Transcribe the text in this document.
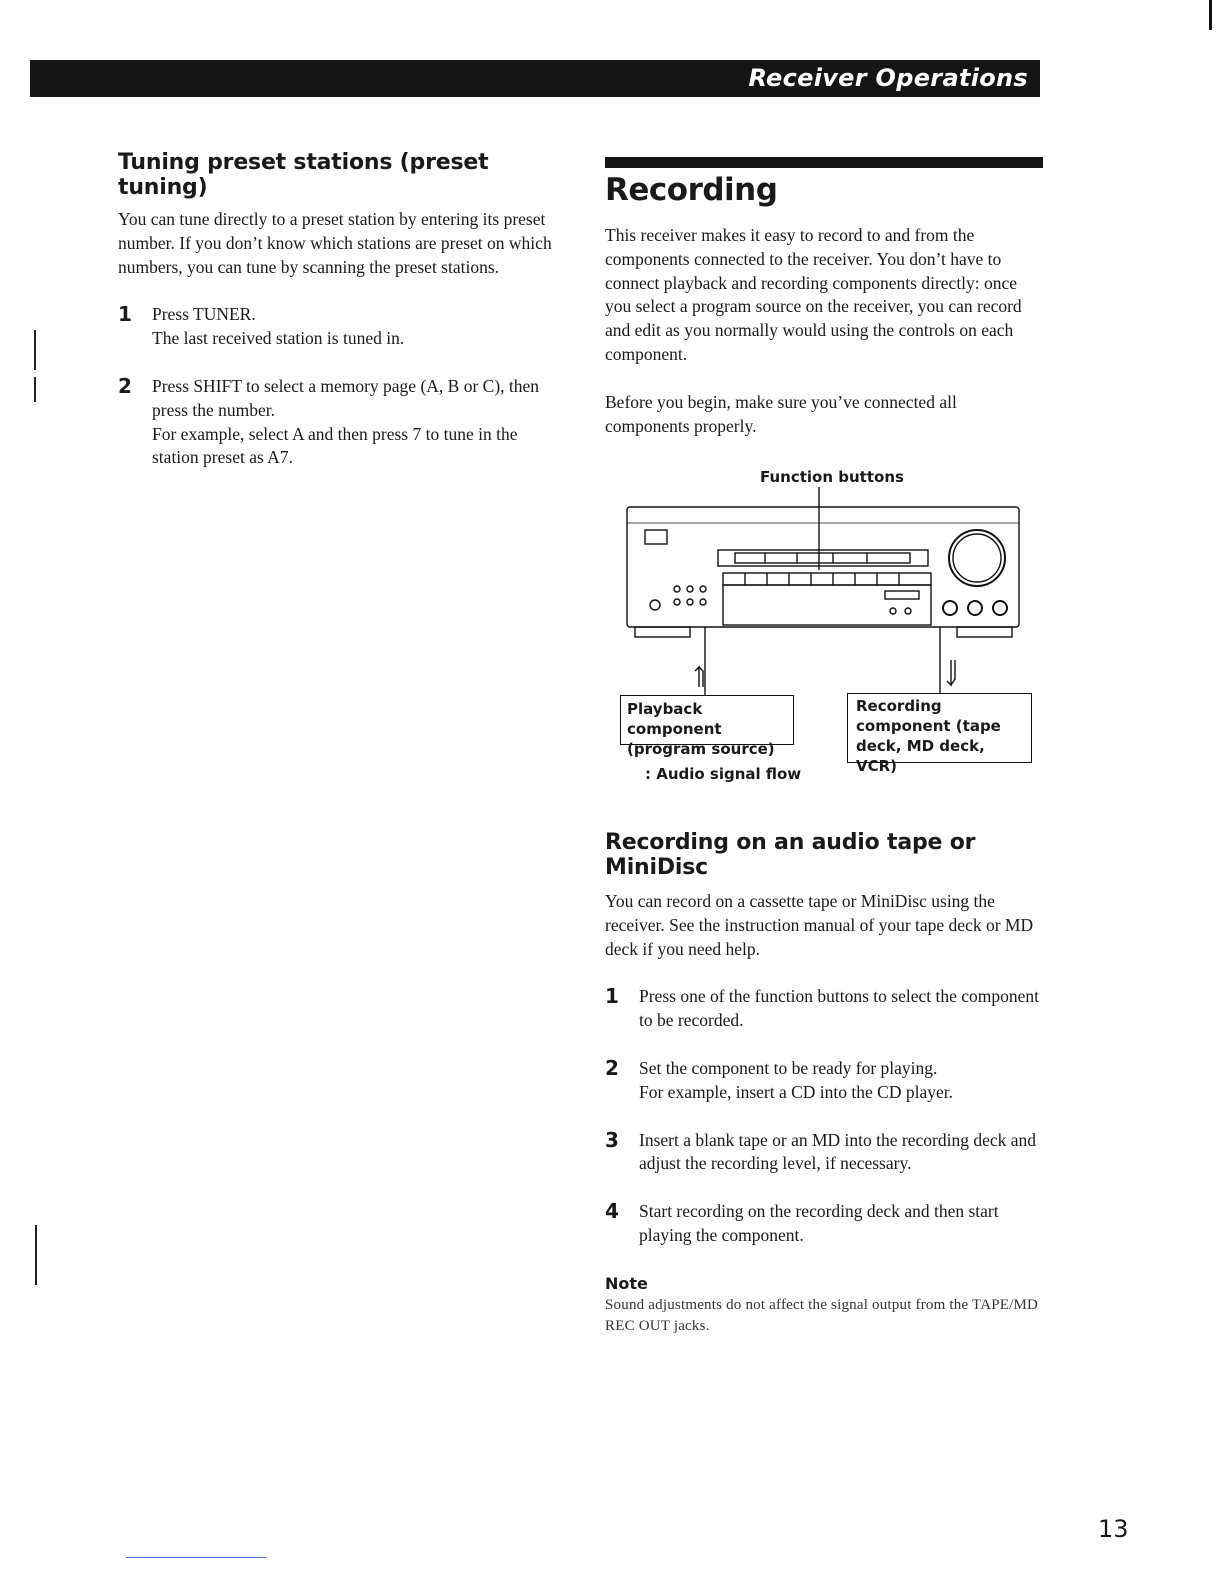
Receiver Operations
Tuning preset stations (preset tuning)

You can tune directly to a preset station by entering its preset number. If you don’t know which stations are preset on which numbers, you can tune by scanning the preset stations.

1 Press TUNER.

The last received station is tuned in.

2 Press SHIFT to select a memory page (A, B or C), then press the number.

For example, select A and then press 7 to tune in the station preset as A7.

Recording

This receiver makes it easy to record to and from the components connected to the receiver. You don’t have to connect playback and recording components directly: once you select a program source on the receiver, you can record and edit as you normally would using the controls on each component.

Before you begin, make sure you’ve connected all components properly.

Function buttons
Playback component (program source)
Recording component (tape deck, MD deck, VCR)
: Audio signal flow
Recording on an audio tape or MiniDisc

You can record on a cassette tape or MiniDisc using the receiver. See the instruction manual of your tape deck or MD deck if you need help.

1 Press one of the function buttons to select the component to be recorded.

2 Set the component to be ready for playing.

For example, insert a CD into the CD player.

3 Insert a blank tape or an MD into the recording deck and adjust the recording level, if necessary.

4 Start recording on the recording deck and then start playing the component.

Note

Sound adjustments do not affect the signal output from the TAPE/MD REC OUT jacks.

13
